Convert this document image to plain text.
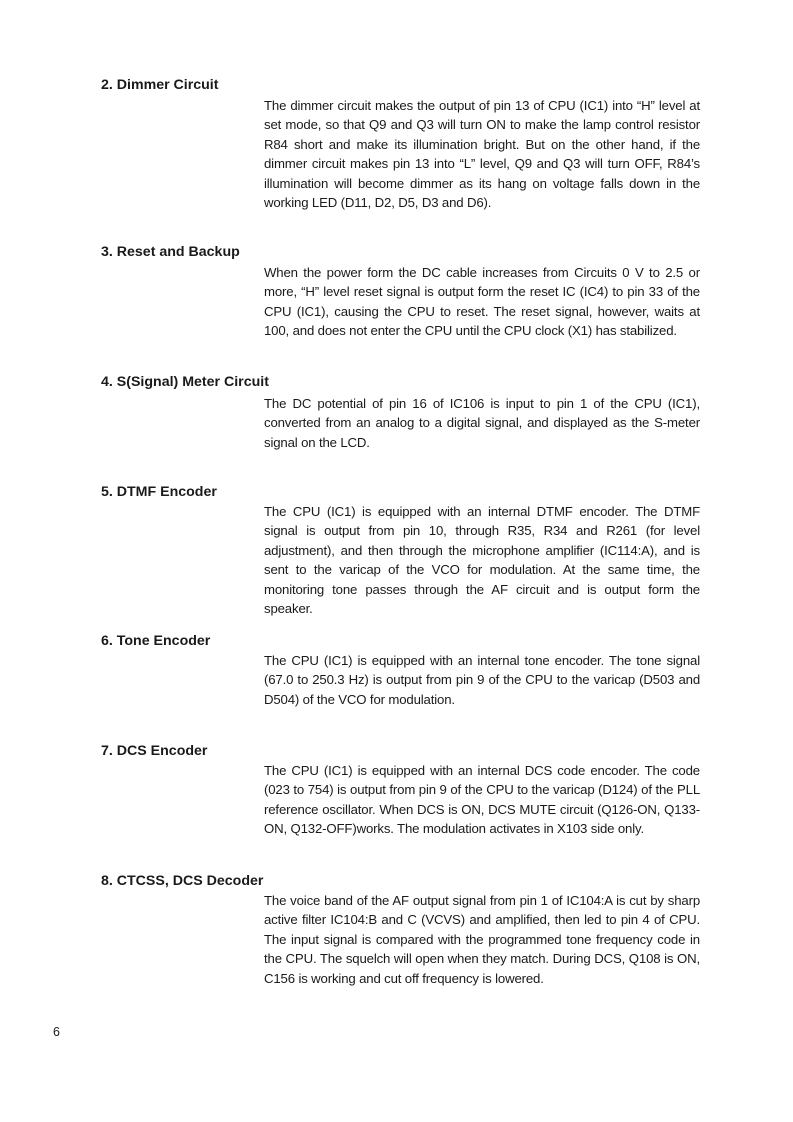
2. Dimmer Circuit

The dimmer circuit makes the output of pin 13 of CPU (IC1) into “H” level at set mode, so that Q9 and Q3 will turn ON to make the lamp control resistor R84 short and make its illumination bright. But on the other hand, if the dimmer circuit makes pin 13 into “L” level, Q9 and Q3 will turn OFF, R84’s illumination will become dimmer as its hang on voltage falls down in the working LED (D11, D2, D5, D3 and D6).

3. Reset and Backup

When the power form the DC cable increases from Circuits 0 V to 2.5 or more, “H” level reset signal is output form the reset IC (IC4) to pin 33 of the CPU (IC1), causing the CPU to reset. The reset signal, however, waits at 100, and does not enter the CPU until the CPU clock (X1) has stabilized.

4. S(Signal) Meter Circuit

The DC potential of pin 16 of IC106 is input to pin 1 of the CPU (IC1), converted from an analog to a digital signal, and displayed as the S-meter signal on the LCD.

5. DTMF Encoder

The CPU (IC1) is equipped with an internal DTMF encoder. The DTMF signal is output from pin 10, through R35, R34 and R261 (for level adjustment), and then through the microphone amplifier (IC114:A), and is sent to the varicap of the VCO for modulation. At the same time, the monitoring tone passes through the AF circuit and is output form the speaker.

6. Tone Encoder

The CPU (IC1) is equipped with an internal tone encoder. The tone signal (67.0 to 250.3 Hz) is output from pin 9 of the CPU to the varicap (D503 and D504) of the VCO for modulation.

7. DCS Encoder

The CPU (IC1) is equipped with an internal DCS code encoder. The code (023 to 754) is output from pin 9 of the CPU to the varicap (D124) of the PLL reference oscillator. When DCS is ON, DCS MUTE circuit (Q126-ON, Q133-ON, Q132-OFF)works. The modulation activates in X103 side only.

8. CTCSS, DCS Decoder

The voice band of the AF output signal from pin 1 of IC104:A is cut by sharp active filter IC104:B and C (VCVS) and amplified, then led to pin 4 of CPU. The input signal is compared with the programmed tone frequency code in the CPU. The squelch will open when they match. During DCS, Q108 is ON, C156 is working and cut off frequency is lowered.

6
